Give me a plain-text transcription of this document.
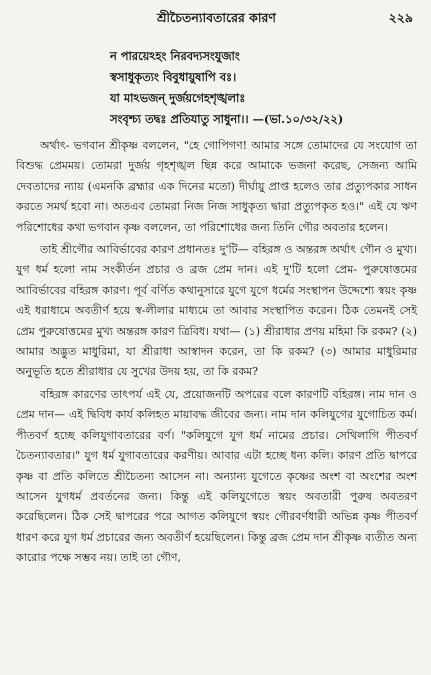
শ্রীচৈতন্যাবতারের কারণ	২২৯
ন পারয়েঽহং নিরবদ্যসংযুজাং
স্বসাধুকৃত্যং বিবুধায়ুষাপি বঃ।
যা মাঽভজন্ দুর্জয়গেহশৃঙ্খলাঃ
সংবৃশ্চ্য তদ্বঃ প্রতিযাতু সাধুনা।। —(ভা.১০/৩২/২২)

অর্থাৎ- ভগবান শ্রীকৃষ্ণ বললেন, "হে গোপিগণ! আমার সঙ্গে তোমাদের যে সংযোগ তা বিশুদ্ধ প্রেমময়। তোমরা দুর্জয় গৃহশৃঙ্খল ছিন্ন করে আমাকে ভজনা করেছ, সেজন্য আমি দেবতাদের ন্যায় (এমনকি ব্রহ্মার এক দিনের মতো) দীর্ঘায়ু প্রাপ্ত হলেও তার প্রত্যুপকার সাধন করতে সমর্থ হবো না। অতএব তোমরা নিজ নিজ সাধুকৃত্য দ্বারা প্রত্যুপকৃত হও।" এই যে ঋণ পরিশোধের কথা ভগবান কৃষ্ণ বললেন, তা পরিশোধের জন্য তিনি গৌর অবতার হলেন।

তাই শ্রীগৌর আবির্ভাবের কারণ প্রধানতঃ দু'টি— বহিরঙ্গ ও অন্তরঙ্গ অর্থাৎ গৌন ও মুখ্য। যুগ ধর্ম হলো নাম সংকীর্তন প্রচার ও ব্রজ প্রেম দান। এই দু'টি হলো প্রেম- পুরুষোত্তমের আবির্ভাবের বহিরঙ্গ কারণ। পূর্ব বর্ণিত কথানুসারে যুগে যুগে ধর্মের সংস্থাপন উদ্দেশ্যে স্বয়ং কৃষ্ণ এই ধরাধামে অবতীর্ণ হয়ে স্ব-লীলার মাধ্যমে তা আবার সংস্থাপিত করেন। ঠিক তেমনই সেই প্রেম পুরুষোত্তমের মুখ্য অন্তরঙ্গ কারণ ত্রিবিধ। যথা— (১) শ্রীরাধার প্রণয় মহিমা কি রকম? (২) আমার অদ্ভুত মাধুরিমা, যা শ্রীরাধা আস্বাদন করেন, তা কি রকম? (৩) আমার মাধুরিমার অনুভূতি হতে শ্রীরাধার যে সুখের উদয় হয়, তা কি রকম?

বহিরঙ্গ কারণের তাৎপর্য এই যে, প্রয়োজনটি অপরের বলে কারণটি বহিরঙ্গ। নাম দান ও প্রেম দান— এই দ্বিবিধ কার্য কলিহত মায়াবদ্ধ জীবের জন্য। নাম দান কলিযুগের যুগোচিত কর্ম। পীতবর্ণ হচ্ছে কলিযুগাবতারের বর্ণ। "কলিযুগে যুগ ধর্ম নামের প্রচার। সেথিলাগি পীতবর্ণ চৈতন্যাবতার।" যুগ ধর্ম যুগাবতারের করণীয়। আবার এটা হচ্ছে ধন্য কলি। কারণ প্রতি দ্বাপরে কৃষ্ণ বা প্রতি কলিতে শ্রীচৈতন্য আসেন না। অন্যান্য যুগেতে কৃষ্ণের অংশ বা অংশের অংশ আসেন যুগধর্ম প্রবর্তনের জন্য। কিন্তু এই কলিযুগেতে স্বয়ং অবতারী পুরুষ অবতরণ করেছিলেন। ঠিক সেই দ্বাপরের পরে আগত কলিযুগে স্বয়ং গৌরবর্ণধারী অভিন্ন কৃষ্ণ পীতবর্ণ ধারণ করে যুগ ধর্ম প্রচারের জন্য অবতীর্ণ হয়েছিলেন। কিন্তু ব্রজ প্রেম দান শ্রীকৃষ্ণ ব্যতীত অন্য কারোর পক্ষে সম্ভব নয়। তাই তা গৌণ,
